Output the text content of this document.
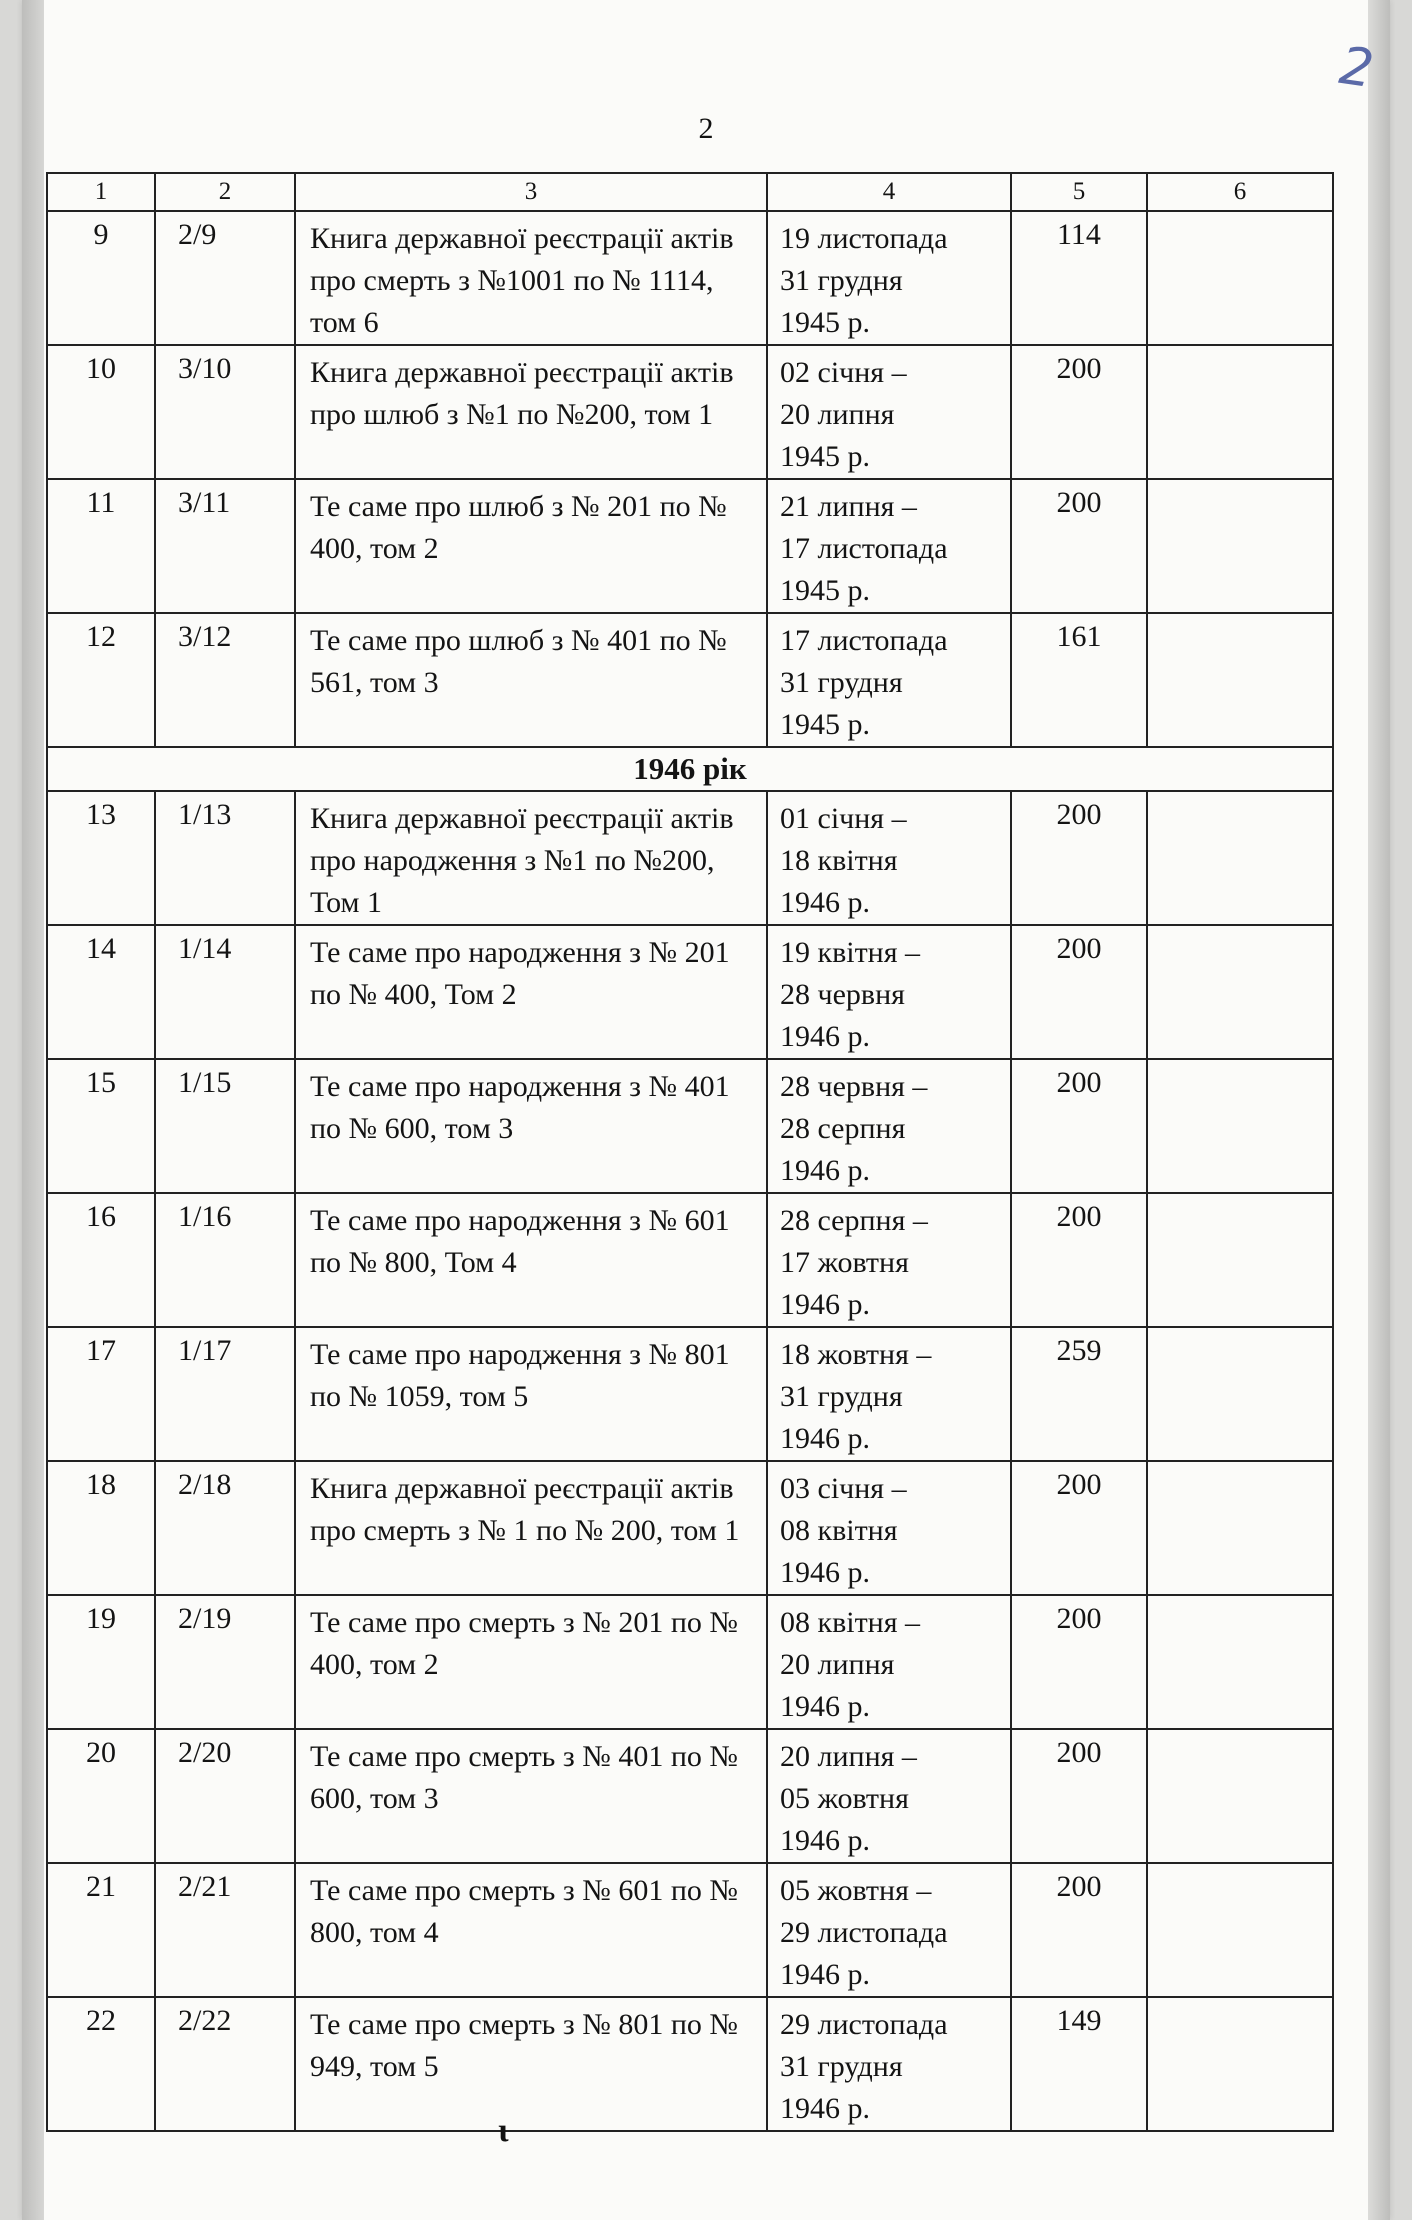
2
2
1	2	3	4	5	6
9	2/9	Книга державної реєстрації актів про смерть з №1001 по № 1114, том 6	19 листопада
31 грудня
1945 р.	114	
10	3/10	Книга державної реєстрації актів про шлюб з №1 по №200, том 1	02 січня –
20 липня
1945 р.	200	
11	3/11	Те саме про шлюб з № 201 по № 400, том 2	21 липня –
17 листопада
1945 р.	200	
12	3/12	Те саме про шлюб з № 401 по № 561, том 3	17 листопада
31 грудня
1945 р.	161	
1946 рік					
13	1/13	Книга державної реєстрації актів про народження з №1 по №200, Том 1	01 січня –
18 квітня
1946 р.	200	
14	1/14	Те саме про народження з № 201 по № 400, Том 2	19 квітня –
28 червня
1946 р.	200	
15	1/15	Те саме про народження з № 401 по № 600, том 3	28 червня –
28 серпня
1946 р.	200	
16	1/16	Те саме про народження з № 601 по № 800, Том 4	28 серпня –
17 жовтня
1946 р.	200	
17	1/17	Те саме про народження з № 801 по № 1059, том 5	18 жовтня –
31 грудня
1946 р.	259	
18	2/18	Книга державної реєстрації актів про смерть з № 1 по № 200, том 1	03 січня –
08 квітня
1946 р.	200	
19	2/19	Те саме про смерть з № 201 по № 400, том 2	08 квітня –
20 липня
1946 р.	200	
20	2/20	Те саме про смерть з № 401 по № 600, том 3	20 липня –
05 жовтня
1946 р.	200	
21	2/21	Те саме про смерть з № 601 по № 800, том 4	05 жовтня –
29 листопада
1946 р.	200	
22	2/22	Те саме про смерть з № 801 по № 949, том 5	29 листопада
31 грудня
1946 р.	149	
ι
